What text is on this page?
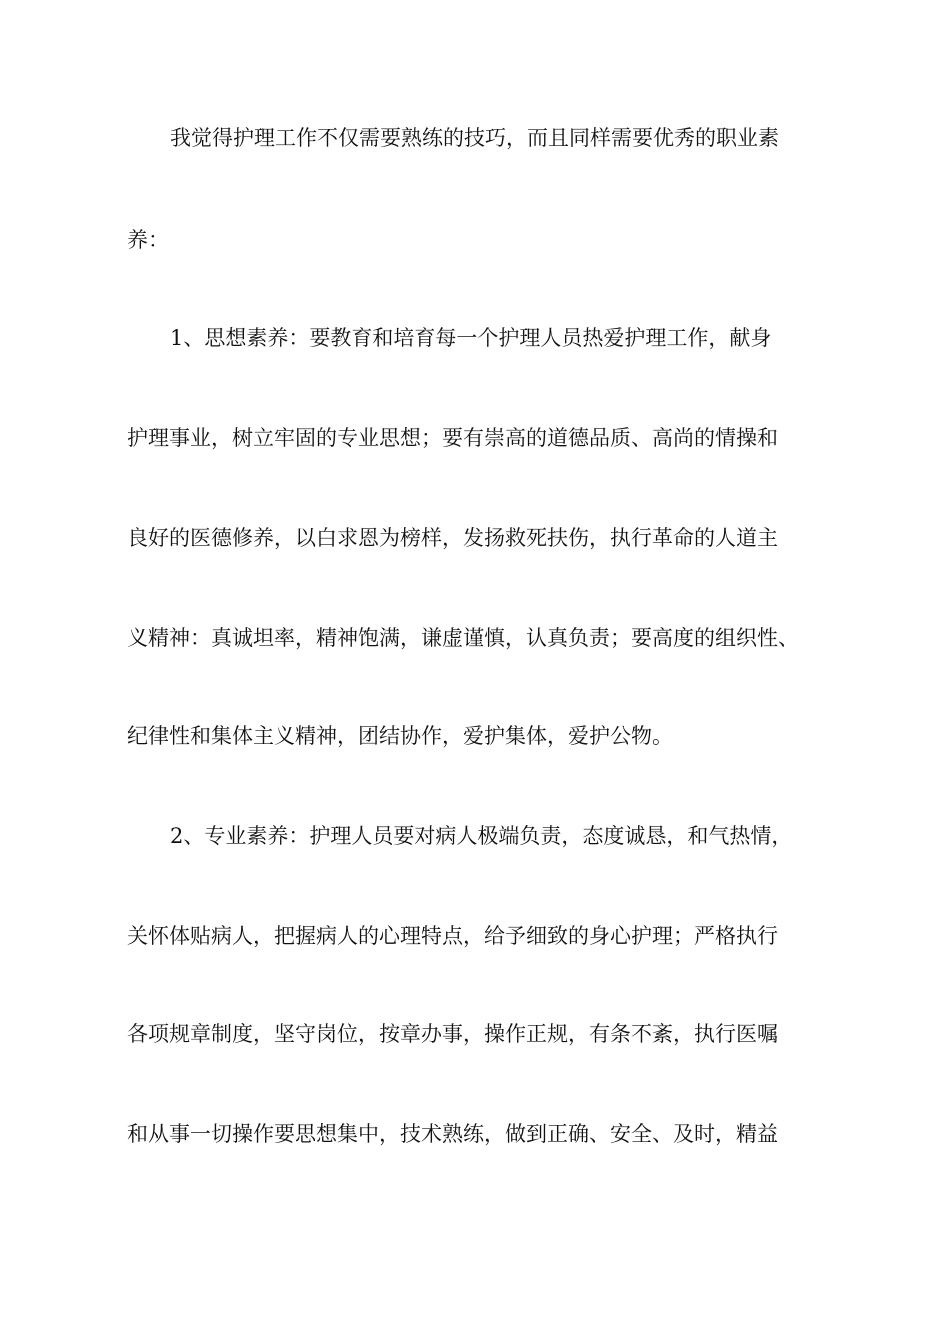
我觉得护理工作不仅需要熟练的技巧，而且同样需要优秀的职业素
养：
1、思想素养：要教育和培育每一个护理人员热爱护理工作，献身
护理事业，树立牢固的专业思想；要有崇高的道德品质、高尚的情操和
良好的医德修养，以白求恩为榜样，发扬救死扶伤，执行革命的人道主
义精神：真诚坦率，精神饱满，谦虚谨慎，认真负责；要高度的组织性、
纪律性和集体主义精神，团结协作，爱护集体，爱护公物。
2、专业素养：护理人员要对病人极端负责，态度诚恳，和气热情，
关怀体贴病人，把握病人的心理特点，给予细致的身心护理；严格执行
各项规章制度，坚守岗位，按章办事，操作正规，有条不紊，执行医嘱
和从事一切操作要思想集中，技术熟练，做到正确、安全、及时，精益
